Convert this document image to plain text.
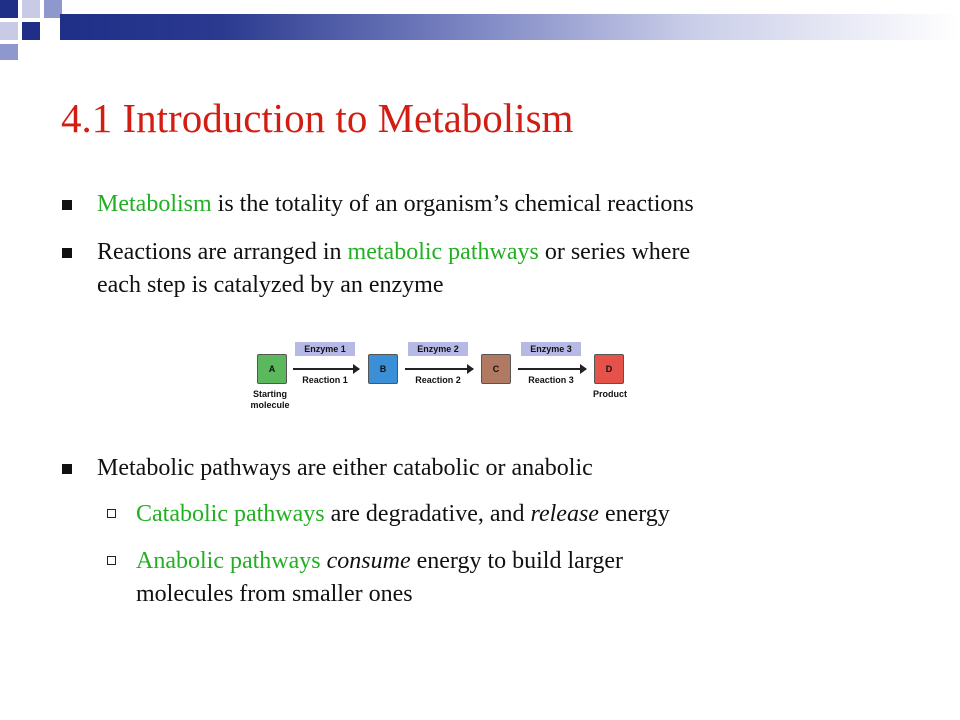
4.1 Introduction to Metabolism
Metabolism is the totality of an organism’s chemical reactions
Reactions are arranged in metabolic pathways or series where
each step is catalyzed by an enzyme
A	B	C	D
Enzyme 1	Enzyme 2	Enzyme 3
Reaction 1	Reaction 2	Reaction 3
Starting
molecule
Product
Metabolic pathways are either catabolic or anabolic
Catabolic pathways are degradative, and release energy
Anabolic pathways consume energy to build larger
molecules from smaller ones
